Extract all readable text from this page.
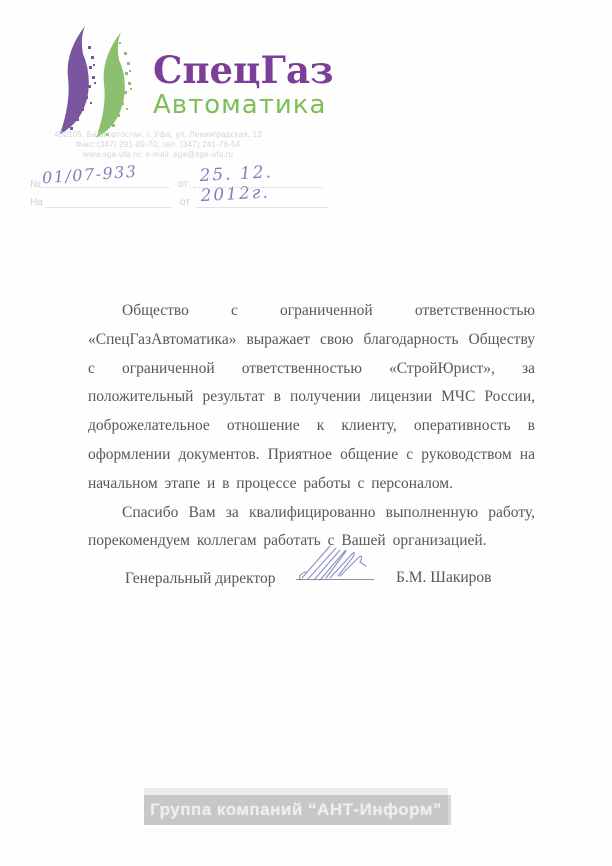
СпецГаз
Автоматика
450105, Башкортостан, г. Уфа, ул. Ленинградская, 13
Факс (347) 291-89-70; тел. (347) 241-76-54
www.sga-ufa.ru; e-mail: sga@sga-ufa.ru
№ 01/07-933	от 25. 12. 2012г.
На	от

Общество с ограниченной ответственностью «СпецГазАвтоматика» выражает свою благодарность Обществу с ограниченной ответственностью «СтройЮрист», за положительный результат в получении лицензии МЧС России, доброжелательное отношение к клиенту, оперативность в оформлении документов. Приятное общение с руководством на начальном этапе и в процессе работы с персоналом.

Спасибо Вам за квалифицированно выполненную работу, порекомендуем коллегам работать с Вашей организацией.

Генеральный директор	Б.М. Шакиров
Группа компаний “АНТ-Информ”
